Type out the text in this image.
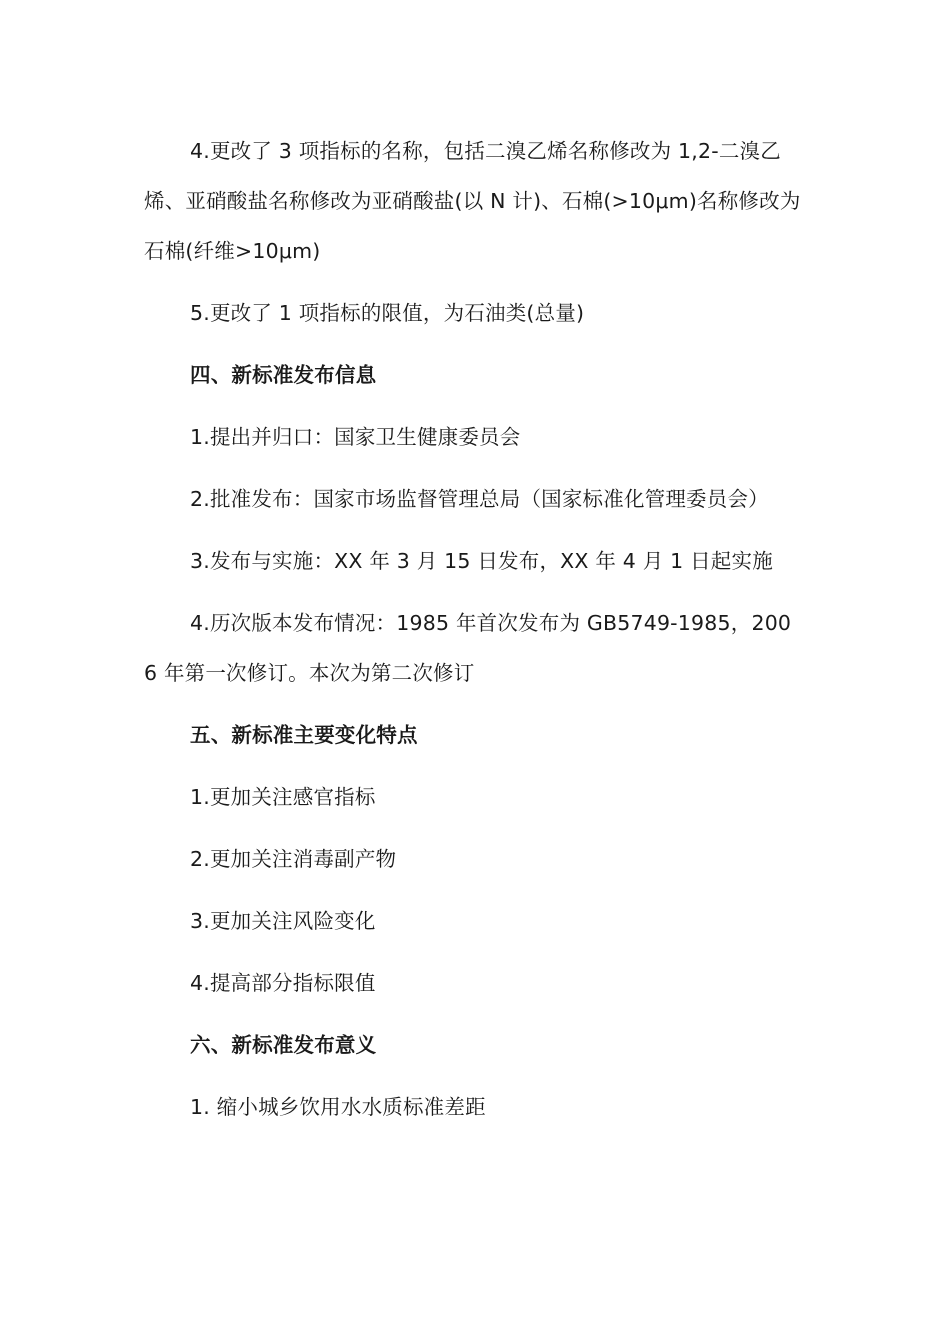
4.更改了 3 项指标的名称，包括二溴乙烯名称修改为 1,2-二溴乙烯、亚硝酸盐名称修改为亚硝酸盐(以 N 计)、石棉(>10μm)名称修改为石棉(纤维>10μm)

5.更改了 1 项指标的限值，为石油类(总量)

四、新标准发布信息

1.提出并归口：国家卫生健康委员会

2.批准发布：国家市场监督管理总局（国家标准化管理委员会）

3.发布与实施：XX 年 3 月 15 日发布，XX 年 4 月 1 日起实施

4.历次版本发布情况：1985 年首次发布为 GB5749-1985，2006 年第一次修订。本次为第二次修订

五、新标准主要变化特点

1.更加关注感官指标

2.更加关注消毒副产物

3.更加关注风险变化

4.提高部分指标限值

六、新标准发布意义

1. 缩小城乡饮用水水质标准差距
